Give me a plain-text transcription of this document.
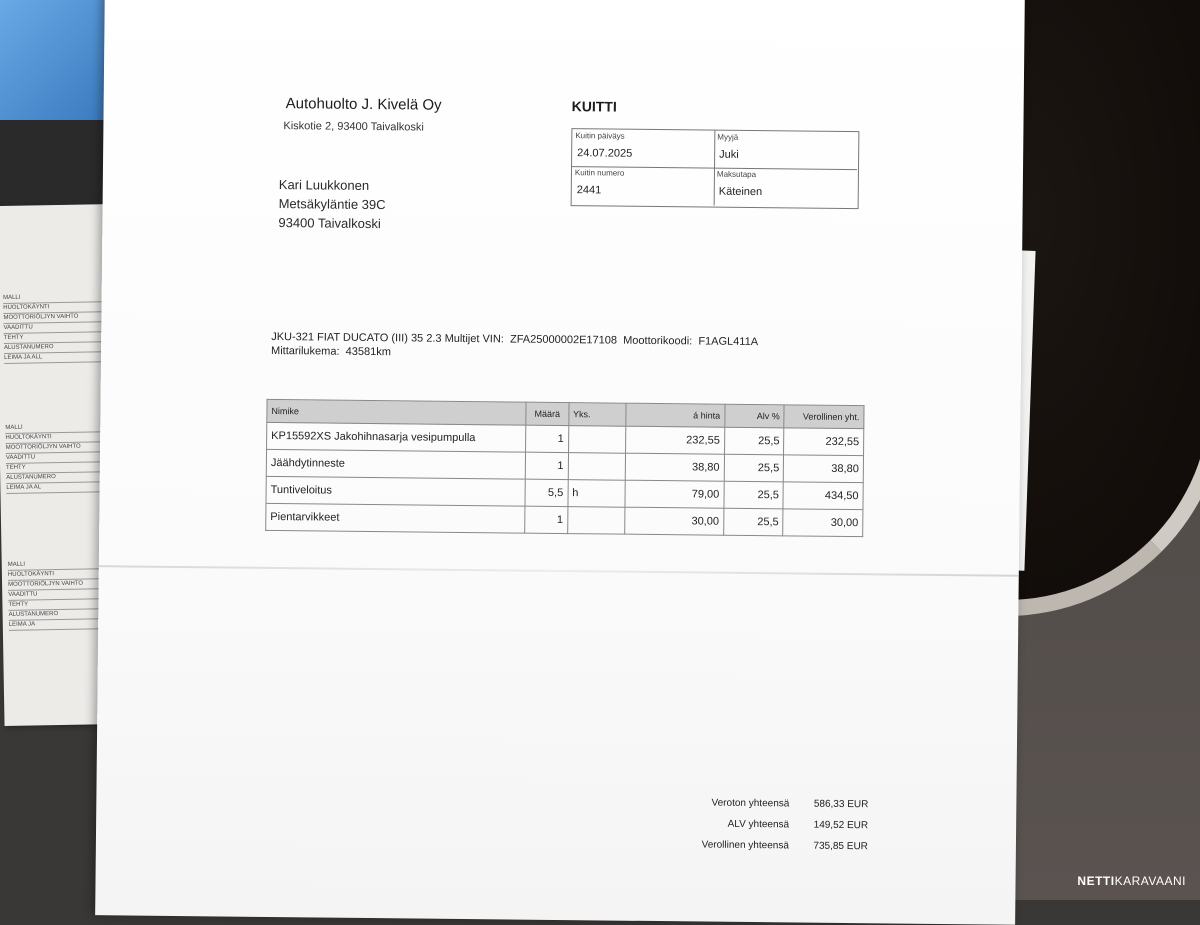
MALLI
HUOLTOKÄYNTI
MOOTTORIÖLJYN VAIHTO
VAADITTU
TEHTY
ALUSTANUMERO
LEIMA JA ALL
MALLI
HUOLTOKÄYNTI
MOOTTORIÖLJYN VAIHTO
VAADITTU
TEHTY
ALUSTANUMERO
LEIMA JA AL
MALLI
HUOLTOKÄYNTI
MOOTTORIÖLJYN VAIHTO
VAADITTU
TEHTY
ALUSTANUMERO
LEIMA JA
Autohuolto J. Kivelä Oy
Kiskotie 2, 93400 Taivalkoski
KUITTI
Kuitin päiväys
24.07.2025
Myyjä
Juki
Kuitin numero
2441
Maksutapa
Käteinen
Kari Luukkonen
Metsäkyläntie 39C
93400 Taivalkoski
JKU-321 FIAT DUCATO (III) 35 2.3 Multijet VIN:  ZFA25000002E17108  Moottorikoodi:  F1AGL411A
Mittarilukema:  43581km
Nimike	Määrä	Yks.	á hinta	Alv %	Verollinen yht.
KP15592XS Jakohihnasarja vesipumpulla	1		232,55	25,5	232,55
Jäähdytinneste	1		38,80	25,5	38,80
Tuntiveloitus	5,5	h	79,00	25,5	434,50
Pientarvikkeet	1		30,00	25,5	30,00
Veroton yhteensä	586,33 EUR
ALV yhteensä	149,52 EUR
Verollinen yhteensä	735,85 EUR
NETTIKARAVAANI
